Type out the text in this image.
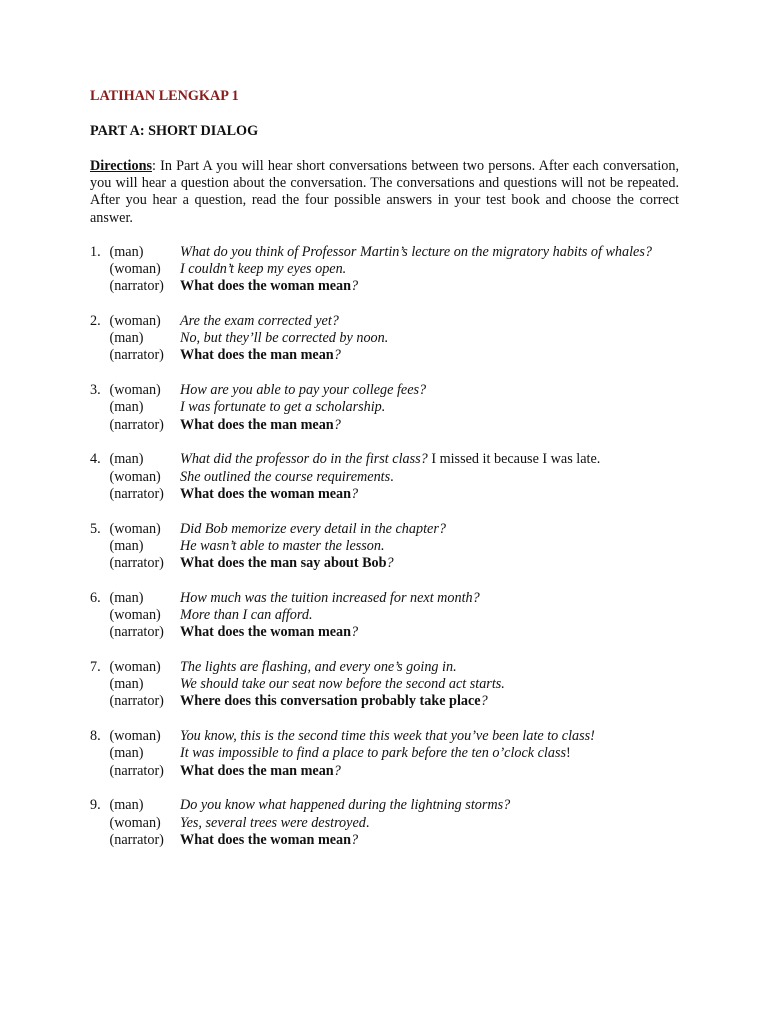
LATIHAN LENGKAP 1

PART A: SHORT DIALOG

Directions: In Part A you will hear short conversations between two persons. After each conversation, you will hear a question about the conversation. The conversations and questions will not be repeated. After you hear a question, read the four possible answers in your test book and choose the correct answer.

1. (man)	What do you think of Professor Martin’s lecture on the migratory habits of whales?
(woman)	I couldn’t keep my eyes open.
(narrator)	What does the woman mean?
2. (woman)	Are the exam corrected yet?
(man)	No, but they’ll be corrected by noon.
(narrator)	What does the man mean?
3. (woman)	How are you able to pay your college fees?
(man)	I was fortunate to get a scholarship.
(narrator)	What does the man mean?
4. (man)	What did the professor do in the first class? I missed it because I was late.
(woman)	She outlined the course requirements.
(narrator)	What does the woman mean?
5. (woman)	Did Bob memorize every detail in the chapter?
(man)	He wasn’t able to master the lesson.
(narrator)	What does the man say about Bob?
6. (man)	How much was the tuition increased for next month?
(woman)	More than I can afford.
(narrator)	What does the woman mean?
7. (woman)	The lights are flashing, and every one’s going in.
(man)	We should take our seat now before the second act starts.
(narrator)	Where does this conversation probably take place?
8. (woman)	You know, this is the second time this week that you’ve been late to class!
(man)	It was impossible to find a place to park before the ten o’clock class!
(narrator)	What does the man mean?
9. (man)	Do you know what happened during the lightning storms?
(woman)	Yes, several trees were destroyed.
(narrator)	What does the woman mean?
